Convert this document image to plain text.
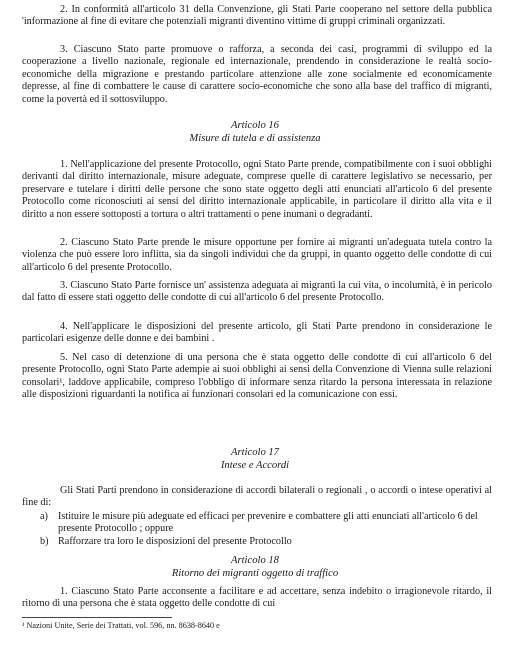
2. In conformità all'articolo 31 della Convenzione, gli Stati Parte cooperano nel settore della pubblica 'informazione al fine di evitare che potenziali migranti diventino vittime di gruppi criminali organizzati.

3. Ciascuno Stato parte promuove o rafforza, a seconda dei casi, programmi di sviluppo ed la cooperazione a livello nazionale, regionale ed internazionale, prendendo in considerazione le realtà socio-economiche della migrazione e prestando particolare attenzione alle zone socialmente ed economicamente depresse, al fine di combattere le cause di carattere socio-economiche che sono alla base del traffico di migranti, come la povertà ed il sottosviluppo.

Articolo 16

Misure di tutela e di assistenza

1. Nell'applicazione del presente Protocollo, ogni Stato Parte prende, compatibilmente con i suoi obblighi derivanti dal diritto internazionale, misure adeguate, comprese quelle di carattere legislativo se necessario, per preservare e tutelare i diritti delle persone che sono state oggetto degli atti enunciati all'articolo 6 del presente Protocollo come riconosciuti ai sensi del diritto internazionale applicabile, in particolare il diritto alla vita e il diritto a non essere sottoposti a tortura o altri trattamenti o pene inumani o degradanti.

2. Ciascuno Stato Parte prende le misure opportune per fornire ai migranti un'adeguata tutela contro la violenza che può essere loro inflitta, sia da singoli individui che da gruppi, in quanto oggetto delle condotte di cui all'articolo 6 del presente Protocollo.

3. Ciascuno Stato Parte fornisce un' assistenza adeguata ai migranti la cui vita, o incolumità, è in pericolo dal fatto di essere stati oggetto delle condotte di cui all'articolo 6 del presente Protocollo.

4. Nell'applicare le disposizioni del presente articolo, gli Stati Parte prendono in considerazione le particolari esigenze delle donne e dei bambini .

5. Nel caso di detenzione di una persona che è stata oggetto delle condotte di cui all'articolo 6 del presente Protocollo, ogni Stato Parte adempie ai suoi obblighi ai sensi della Convenzione di Vienna sulle relazioni consolari¹, laddove applicabile, compreso l'obbligo di informare senza ritardo la persona interessata in relazione alle disposizioni riguardanti la notifica ai funzionari consolari ed la comunicazione con essi.

Articolo 17

Intese e Accordi

Gli Stati Parti prendono in considerazione di accordi bilaterali o regionali , o accordi o intese operativi al fine di:

a) Istituire le misure più adeguate ed efficaci per prevenire e combattere gli atti enunciati all'articolo 6 del presente Protocollo ; oppure
b) Rafforzare tra loro le disposizioni del presente Protocollo

Articolo 18

Ritorno dei migranti oggetto di traffico

1. Ciascuno Stato Parte acconsente a facilitare e ad accettare, senza indebito o irragionevole ritardo, il ritorno di una persona che è stata oggetto delle condotte di cui

¹ Nazioni Unite, Serie dei Trattati, vol. 596, nn. 8638-8640 e
